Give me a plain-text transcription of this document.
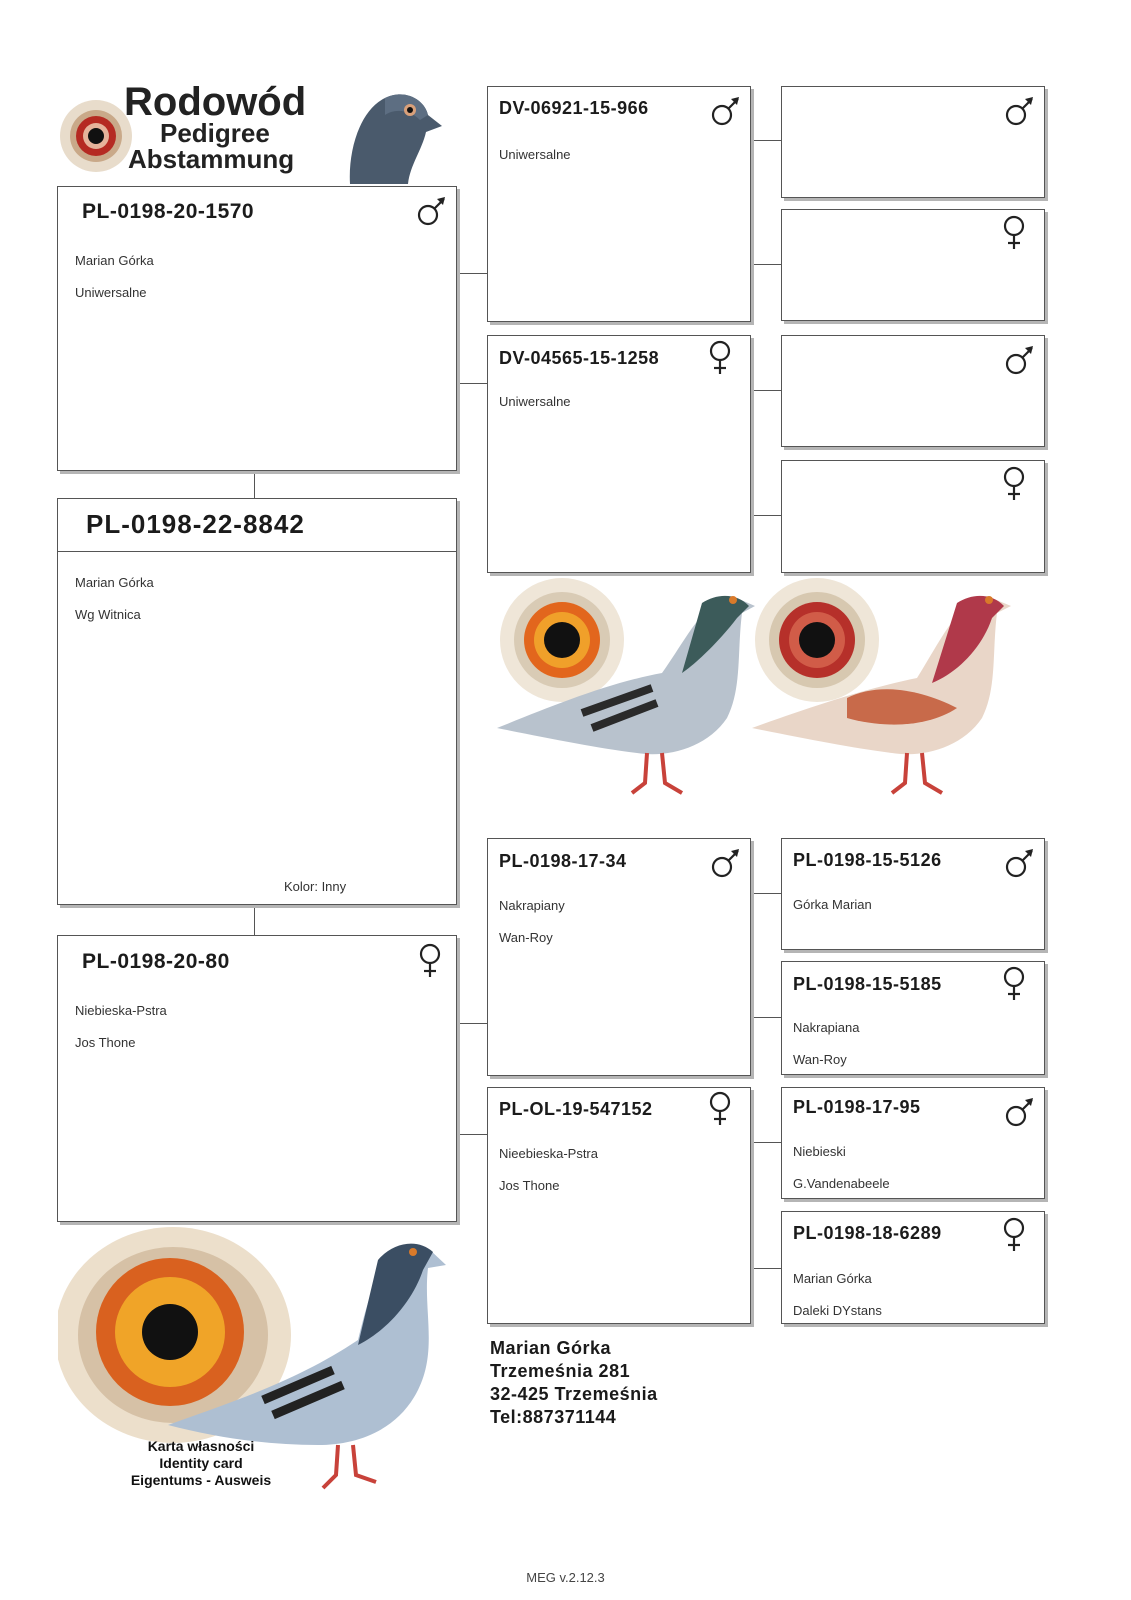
Rodowód
Pedigree
Abstammung
PL-0198-20-1570

Marian Górka

Uniwersalne

PL-0198-22-8842

Marian Górka

Wg Witnica

Kolor: Inny
PL-0198-20-80

Niebieska-Pstra

Jos Thone

DV-06921-15-966

Uniwersalne

DV-04565-15-1258

Uniwersalne

PL-0198-17-34

Nakrapiany

Wan-Roy

PL-OL-19-547152

Nieebieska-Pstra

Jos Thone

PL-0198-15-5126

Górka Marian

PL-0198-15-5185

Nakrapiana

Wan-Roy

PL-0198-17-95

Niebieski

G.Vandenabeele

PL-0198-18-6289

Marian Górka

Daleki DYstans

Karta własności
Identity card
Eigentums - Ausweis
Marian Górka
Trzemeśnia 281
32-425 Trzemeśnia
Tel:887371144
MEG v.2.12.3
